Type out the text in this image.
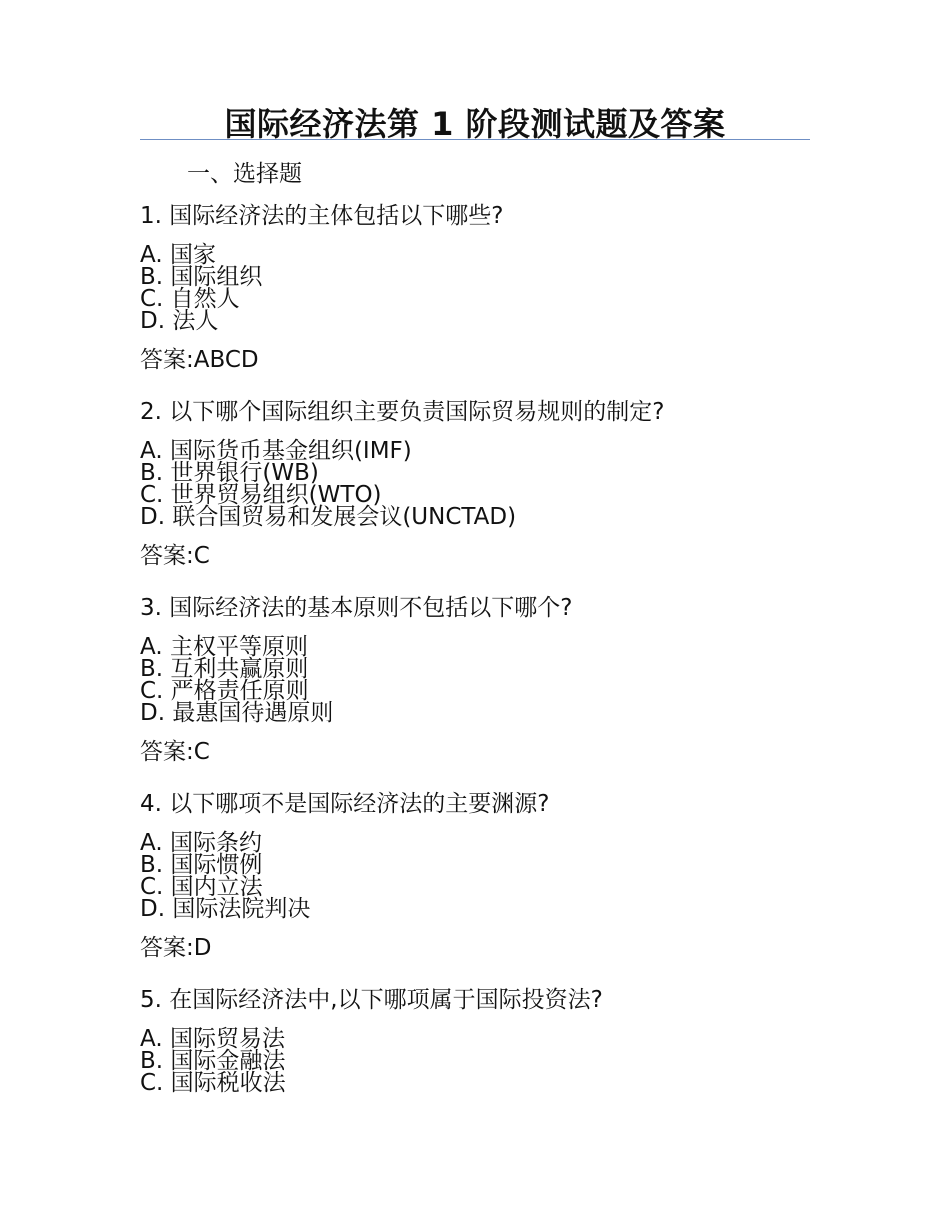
国际经济法第 1 阶段测试题及答案
一、选择题

1. 国际经济法的主体包括以下哪些?

A. 国家
B. 国际组织
C. 自然人
D. 法人
答案:ABCD

2. 以下哪个国际组织主要负责国际贸易规则的制定?

A. 国际货币基金组织(IMF)
B. 世界银行(WB)
C. 世界贸易组织(WTO)
D. 联合国贸易和发展会议(UNCTAD)
答案:C

3. 国际经济法的基本原则不包括以下哪个?

A. 主权平等原则
B. 互利共赢原则
C. 严格责任原则
D. 最惠国待遇原则
答案:C

4. 以下哪项不是国际经济法的主要渊源?

A. 国际条约
B. 国际惯例
C. 国内立法
D. 国际法院判决
答案:D

5. 在国际经济法中,以下哪项属于国际投资法?

A. 国际贸易法
B. 国际金融法
C. 国际税收法
